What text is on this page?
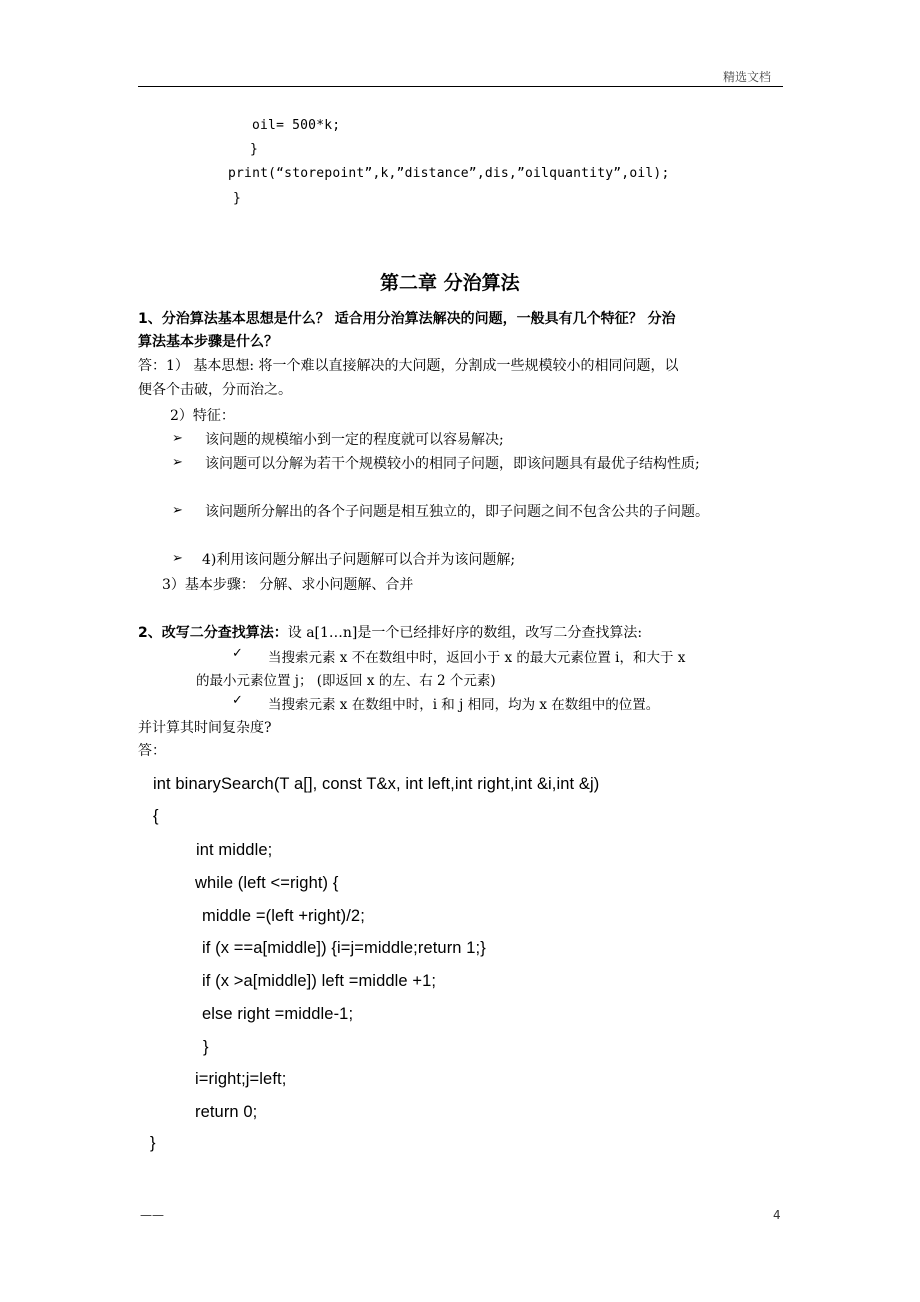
精选文档
oil= 500*k;
}
print(“storepoint”,k,”distance”,dis,”oilquantity”,oil);
}
第二章 分治算法
1、分治算法基本思想是什么？ 适合用分治算法解决的问题，一般具有几个特征？ 分治
算法基本步骤是什么？
答：1） 基本思想: 将一个难以直接解决的大问题，分割成一些规模较小的相同问题，以
便各个击破，分而治之。
2）特征：
➢ 该问题的规模缩小到一定的程度就可以容易解决;
➢ 该问题可以分解为若干个规模较小的相同子问题，即该问题具有最优子结构性质;
➢ 该问题所分解出的各个子问题是相互独立的，即子问题之间不包含公共的子问题。
➢ 4)利用该问题分解出子问题解可以合并为该问题解;
3）基本步骤： 分解、求小问题解、合并
2、改写二分查找算法：设 a[1…n]是一个已经排好序的数组，改写二分查找算法:
✓ 当搜索元素 x 不在数组中时，返回小于 x 的最大元素位置 i，和大于 x
的最小元素位置 j； (即返回 x 的左、右 2 个元素)
✓ 当搜索元素 x 在数组中时，i 和 j 相同，均为 x 在数组中的位置。
并计算其时间复杂度?
答：
int binarySearch(T a[], const T&x, int left,int right,int &i,int &j)
{
int middle;
while (left <=right) {
middle =(left +right)/2;
if (x ==a[middle]) {i=j=middle;return 1;}
if (x >a[middle]) left =middle +1;
else right =middle-1;
}
i=right;j=left;
return 0;
}
——	4
